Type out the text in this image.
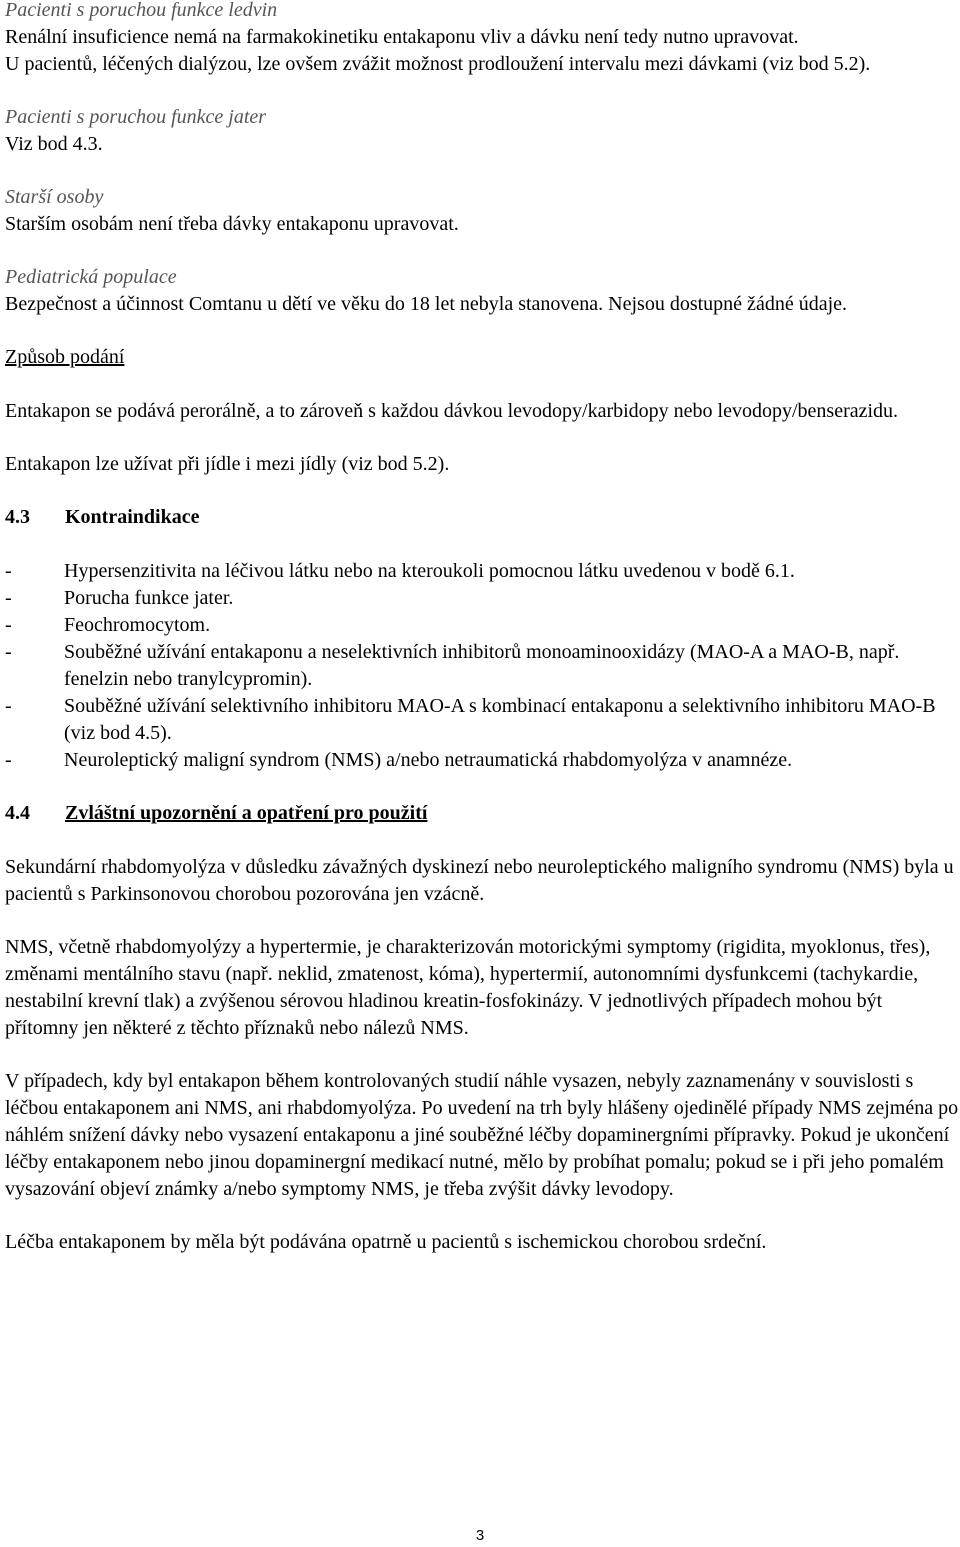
Pacienti s poruchou funkce ledvin

Renální insuficience nemá na farmakokinetiku entakaponu vliv a dávku není tedy nutno upravovat.

U pacientů, léčených dialýzou, lze ovšem zvážit možnost prodloužení intervalu mezi dávkami (viz bod 5.2).

Pacienti s poruchou funkce jater

Viz bod 4.3.

Starší osoby

Starším osobám není třeba dávky entakaponu upravovat.

Pediatrická populace

Bezpečnost a účinnost Comtanu u dětí ve věku do 18 let nebyla stanovena. Nejsou dostupné žádné údaje.

Způsob podání

Entakapon se podává perorálně, a to zároveň s každou dávkou levodopy/karbidopy nebo levodopy/benserazidu.

Entakapon lze užívat při jídle i mezi jídly (viz bod 5.2).

4.3 Kontraindikace

-	Hypersenzitivita na léčivou látku nebo na kteroukoli pomocnou látku uvedenou v bodě 6.1.
-	Porucha funkce jater.
-	Feochromocytom.
-	Souběžné užívání entakaponu a neselektivních inhibitorů monoaminooxidázy (MAO-A a MAO-B, např. fenelzin nebo tranylcypromin).
-	Souběžné užívání selektivního inhibitoru MAO-A s kombinací entakaponu a selektivního inhibitoru MAO-B (viz bod 4.5).
-	Neuroleptický maligní syndrom (NMS) a/nebo netraumatická rhabdomyolýza v anamnéze.

4.4 Zvláštní upozornění a opatření pro použití

Sekundární rhabdomyolýza v důsledku závažných dyskinezí nebo neuroleptického maligního syndromu (NMS) byla u pacientů s Parkinsonovou chorobou pozorována jen vzácně.

NMS, včetně rhabdomyolýzy a hypertermie, je charakterizován motorickými symptomy (rigidita, myoklonus, třes), změnami mentálního stavu (např. neklid, zmatenost, kóma), hypertermií, autonomními dysfunkcemi (tachykardie, nestabilní krevní tlak) a zvýšenou sérovou hladinou kreatin-fosfokinázy. V jednotlivých případech mohou být přítomny jen některé z těchto příznaků nebo nálezů NMS.

V případech, kdy byl entakapon během kontrolovaných studií náhle vysazen, nebyly zaznamenány v souvislosti s léčbou entakaponem ani NMS, ani rhabdomyolýza. Po uvedení na trh byly hlášeny ojedinělé případy NMS zejména po náhlém snížení dávky nebo vysazení entakaponu a jiné souběžné léčby dopaminergními přípravky. Pokud je ukončení léčby entakaponem nebo jinou dopaminergní medikací nutné, mělo by probíhat pomalu; pokud se i při jeho pomalém vysazování objeví známky a/nebo symptomy NMS, je třeba zvýšit dávky levodopy.

Léčba entakaponem by měla být podávána opatrně u pacientů s ischemickou chorobou srdeční.

3
